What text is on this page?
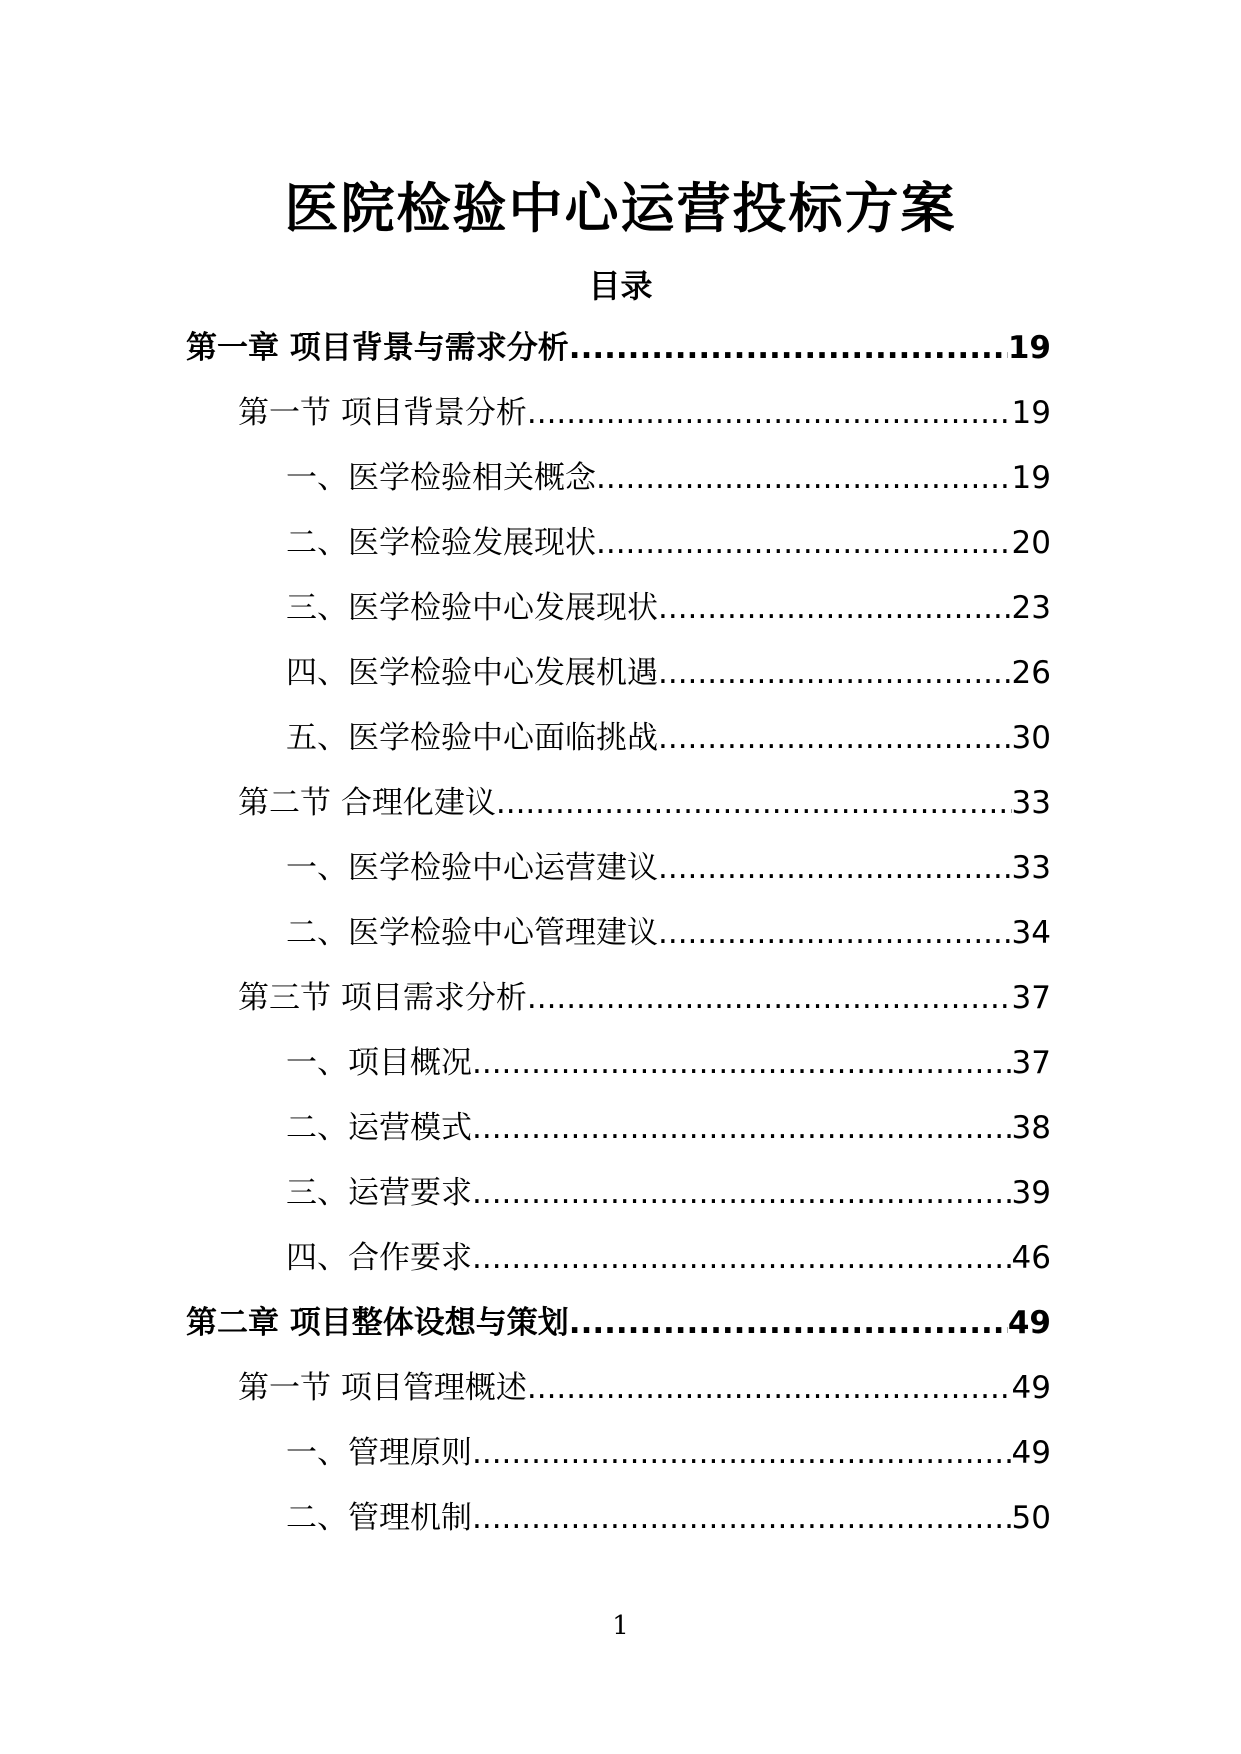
医院检验中心运营投标方案
目录
第一章 项目背景与需求分析 .....	19
第一节 项目背景分析 .....	19
一、医学检验相关概念 .....	19
二、医学检验发展现状 .....	20
三、医学检验中心发展现状 .....	23
四、医学检验中心发展机遇 .....	26
五、医学检验中心面临挑战 .....	30
第二节 合理化建议 .....	33
一、医学检验中心运营建议 .....	33
二、医学检验中心管理建议 .....	34
第三节 项目需求分析 .....	37
一、项目概况 .....	37
二、运营模式 .....	38
三、运营要求 .....	39
四、合作要求 .....	46
第二章 项目整体设想与策划 .....	49
第一节 项目管理概述 .....	49
一、管理原则 .....	49
二、管理机制 .....	50
1
